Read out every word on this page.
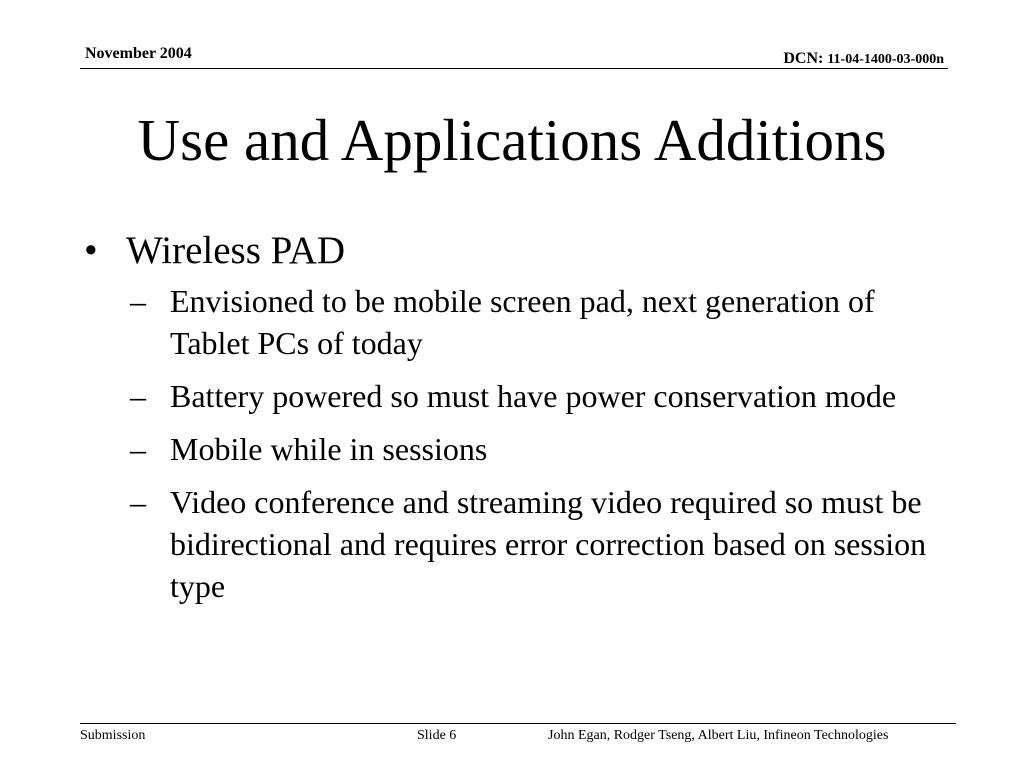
November 2004	DCN: 11-04-1400-03-000n
Use and Applications Additions
• Wireless PAD
– Envisioned to be mobile screen pad, next generation of Tablet PCs of today
– Battery powered so must have power conservation mode
– Mobile while in sessions
– Video conference and streaming video required so must be bidirectional and requires error correction based on session type
Submission	Slide 6	John Egan, Rodger Tseng, Albert Liu, Infineon Technologies
